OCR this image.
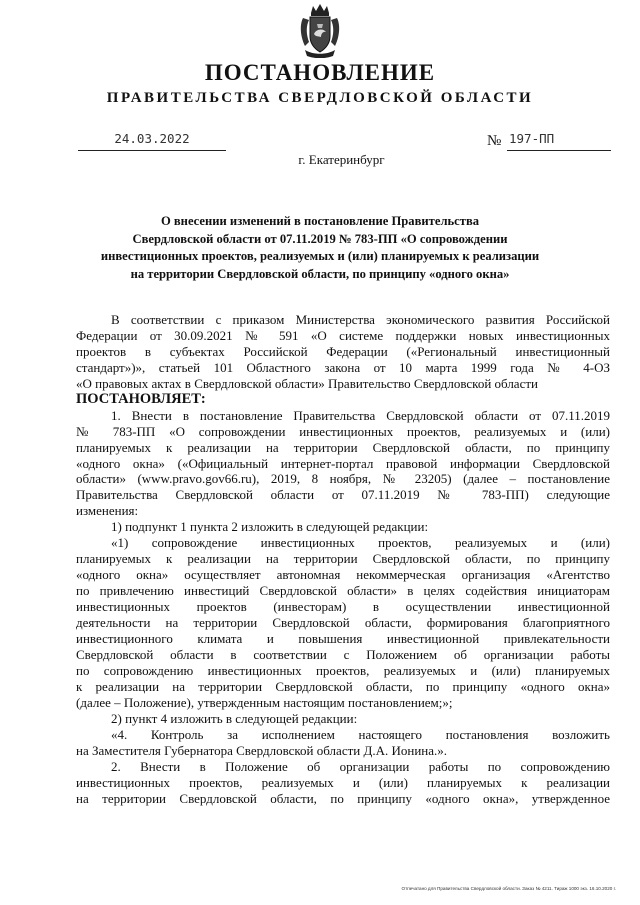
ПОСТАНОВЛЕНИЕ
ПРАВИТЕЛЬСТВА СВЕРДЛОВСКОЙ ОБЛАСТИ
24.03.2022	№ 197-ПП
г. Екатеринбург
О внесении изменений в постановление Правительства
Свердловской области от 07.11.2019 № 783-ПП «О сопровождении
инвестиционных проектов, реализуемых и (или) планируемых к реализации
на территории Свердловской области, по принципу «одного окна»

В соответствии с приказом Министерства экономического развития Российской

Федерации от 30.09.2021 № 591 «О системе поддержки новых инвестиционных

проектов в субъектах Российской Федерации («Региональный инвестиционный

стандарт»)», статьей 101 Областного закона от 10 марта 1999 года № 4-ОЗ

«О правовых актах в Свердловской области» Правительство Свердловской области

ПОСТАНОВЛЯЕТ:

1. Внести в постановление Правительства Свердловской области от 07.11.2019

№ 783-ПП «О сопровождении инвестиционных проектов, реализуемых и (или)

планируемых к реализации на территории Свердловской области, по принципу

«одного окна» («Официальный интернет-портал правовой информации Свердловской

области» (www.pravo.gov66.ru), 2019, 8 ноября, № 23205) (далее – постановление

Правительства Свердловской области от 07.11.2019 № 783-ПП) следующие

изменения:

1) подпункт 1 пункта 2 изложить в следующей редакции:

«1) сопровождение инвестиционных проектов, реализуемых и (или)

планируемых к реализации на территории Свердловской области, по принципу

«одного окна» осуществляет автономная некоммерческая организация «Агентство

по привлечению инвестиций Свердловской области» в целях содействия инициаторам

инвестиционных проектов (инвесторам) в осуществлении инвестиционной

деятельности на территории Свердловской области, формирования благоприятного

инвестиционного климата и повышения инвестиционной привлекательности

Свердловской области в соответствии с Положением об организации работы

по сопровождению инвестиционных проектов, реализуемых и (или) планируемых

к реализации на территории Свердловской области, по принципу «одного окна»

(далее – Положение), утвержденным настоящим постановлением;»;

2) пункт 4 изложить в следующей редакции:

«4. Контроль за исполнением настоящего постановления возложить

на Заместителя Губернатора Свердловской области Д.А. Ионина.».

2. Внести в Положение об организации работы по сопровождению

инвестиционных проектов, реализуемых и (или) планируемых к реализации

на территории Свердловской области, по принципу «одного окна», утвержденное

Отпечатано для Правительства Свердловской области. Заказ № 4211. Тираж 1000 экз. 16.10.2020 г.
